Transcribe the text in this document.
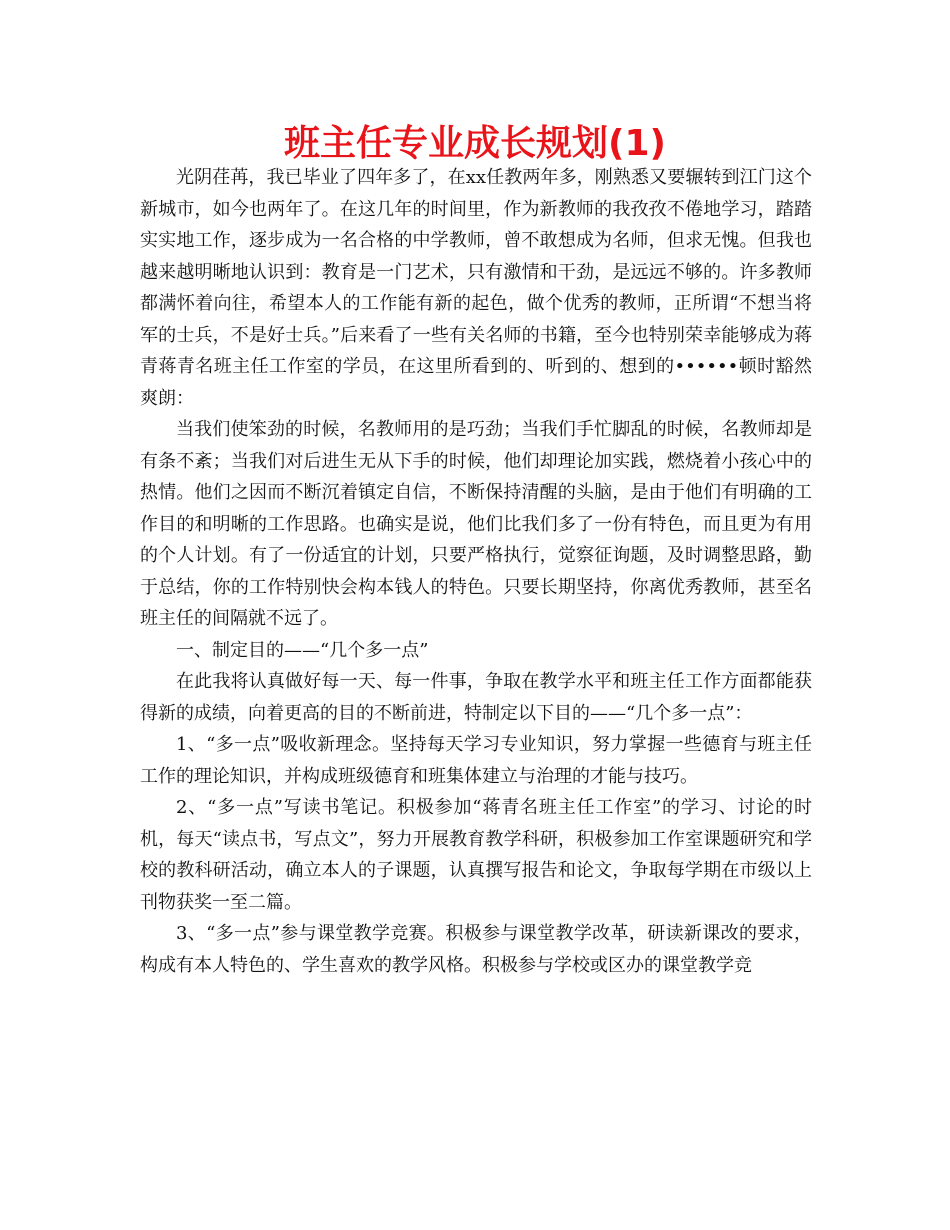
班主任专业成长规划(1)

光阴荏苒，我已毕业了四年多了，在xx任教两年多，刚熟悉又要辗转到江门这个新城市，如今也两年了。在这几年的时间里，作为新教师的我孜孜不倦地学习，踏踏实实地工作，逐步成为一名合格的中学教师，曾不敢想成为名师，但求无愧。但我也越来越明晰地认识到：教育是一门艺术，只有激情和干劲，是远远不够的。许多教师都满怀着向往，希望本人的工作能有新的起色，做个优秀的教师，正所谓“不想当将军的士兵，不是好士兵。”后来看了一些有关名师的书籍，至今也特别荣幸能够成为蒋青蒋青名班主任工作室的学员，在这里所看到的、听到的、想到的••••••顿时豁然爽朗：

当我们使笨劲的时候，名教师用的是巧劲；当我们手忙脚乱的时候，名教师却是有条不紊；当我们对后进生无从下手的时候，他们却理论加实践，燃烧着小孩心中的热情。他们之因而不断沉着镇定自信，不断保持清醒的头脑，是由于他们有明确的工作目的和明晰的工作思路。也确实是说，他们比我们多了一份有特色，而且更为有用的个人计划。有了一份适宜的计划，只要严格执行，觉察征询题，及时调整思路，勤于总结，你的工作特别快会构本钱人的特色。只要长期坚持，你离优秀教师，甚至名班主任的间隔就不远了。

一、制定目的——“几个多一点”

在此我将认真做好每一天、每一件事，争取在教学水平和班主任工作方面都能获得新的成绩，向着更高的目的不断前进，特制定以下目的——“几个多一点”：

1、“多一点”吸收新理念。坚持每天学习专业知识，努力掌握一些德育与班主任工作的理论知识，并构成班级德育和班集体建立与治理的才能与技巧。

2、“多一点”写读书笔记。积极参加“蒋青名班主任工作室”的学习、讨论的时机，每天“读点书，写点文”，努力开展教育教学科研，积极参加工作室课题研究和学校的教科研活动，确立本人的子课题，认真撰写报告和论文，争取每学期在市级以上刊物获奖一至二篇。

3、“多一点”参与课堂教学竞赛。积极参与课堂教学改革，研读新课改的要求，构成有本人特色的、学生喜欢的教学风格。积极参与学校或区办的课堂教学竞
